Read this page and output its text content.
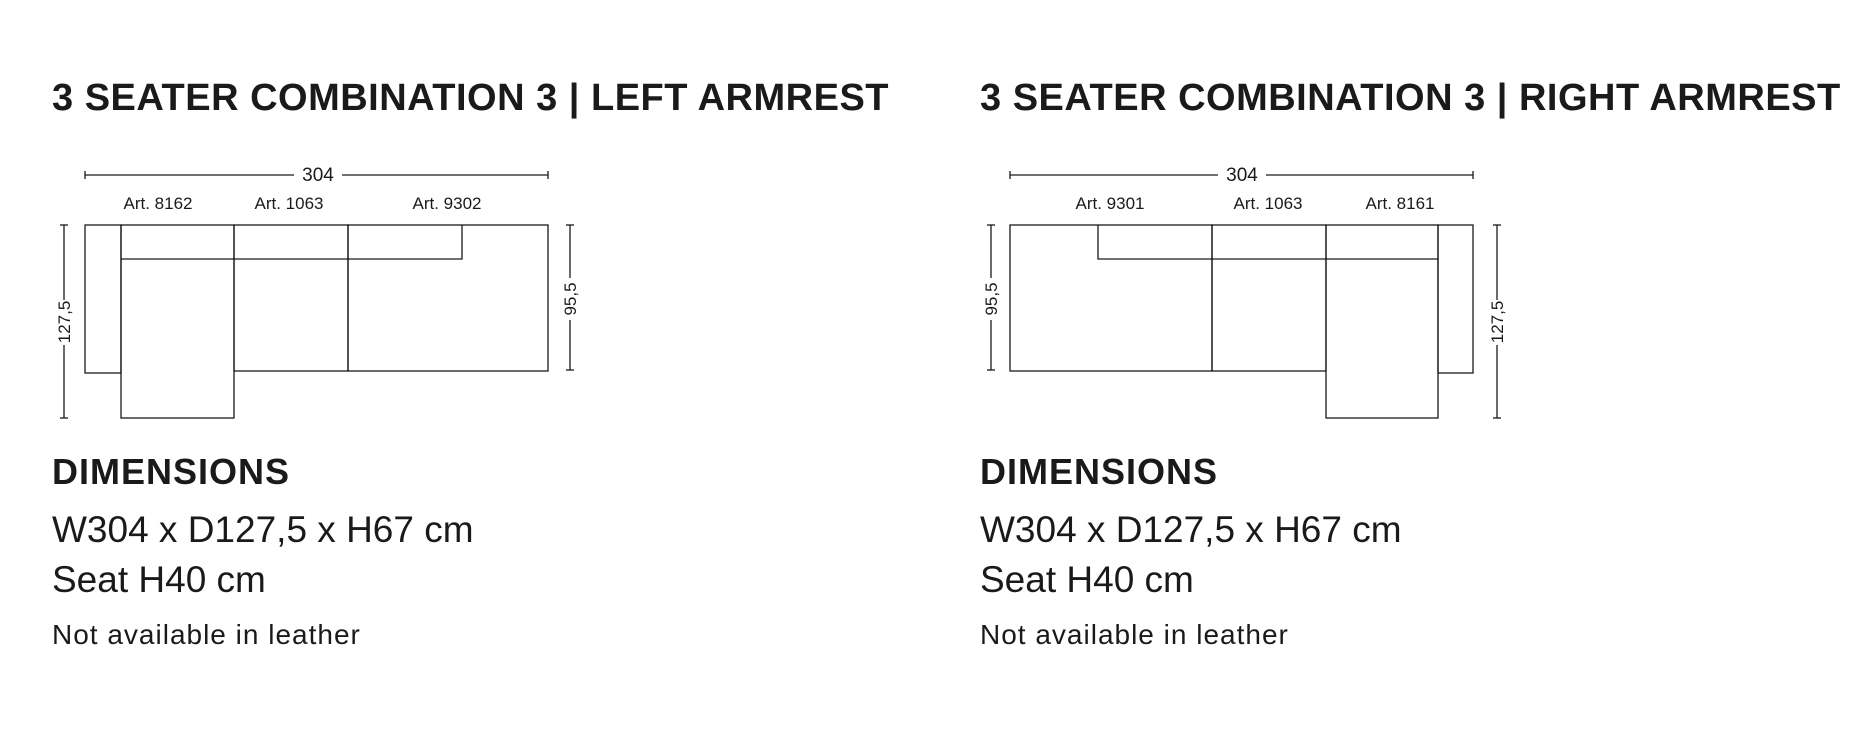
3 SEATER COMBINATION 3 | LEFT ARMREST
304
Art. 8162	Art. 1063	Art. 9302
127,5
95,5
DIMENSIONS
W304 x D127,5 x H67 cm
Seat H40 cm
Not available in leather
3 SEATER COMBINATION 3 | RIGHT ARMREST
304
Art. 9301	Art. 1063	Art. 8161
95,5
127,5
DIMENSIONS
W304 x D127,5 x H67 cm
Seat H40 cm
Not available in leather
